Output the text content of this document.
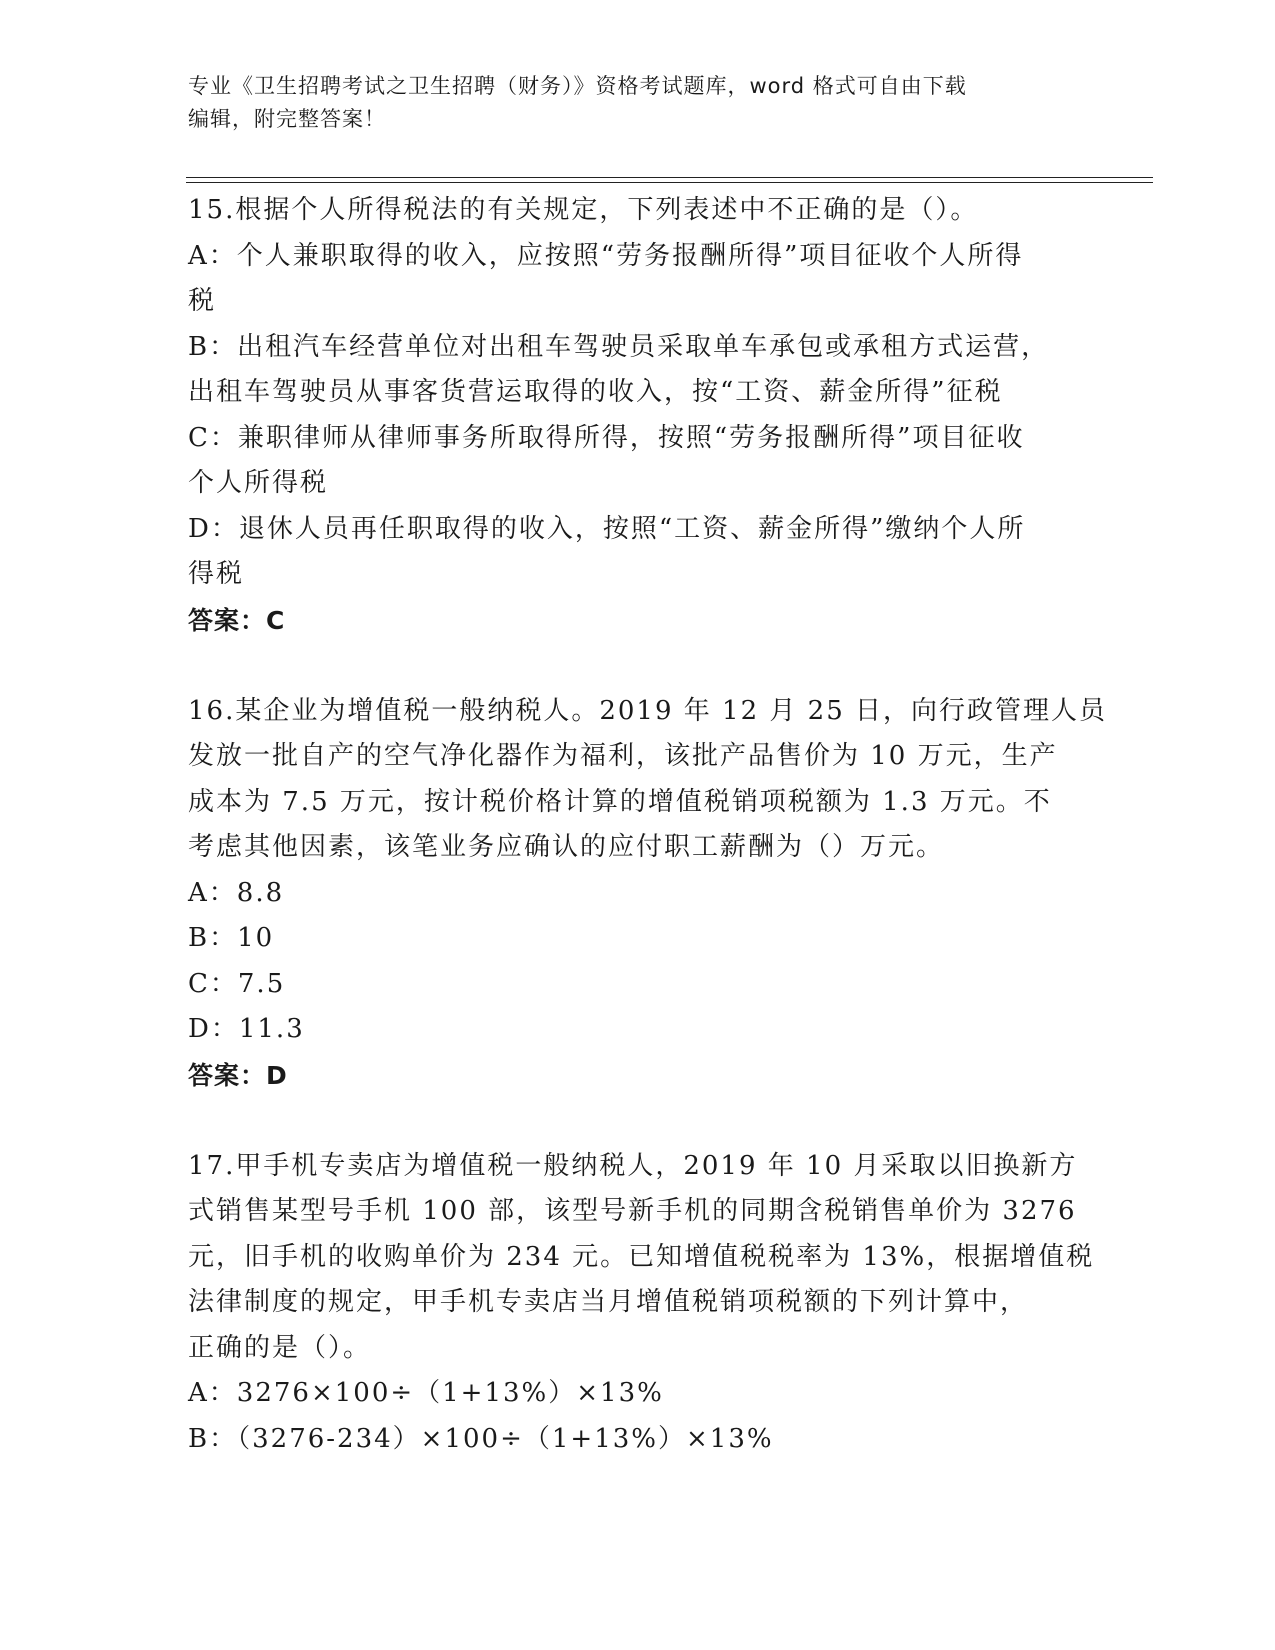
专业《卫生招聘考试之卫生招聘（财务）》资格考试题库，word 格式可自由下载
编辑，附完整答案！
15.根据个人所得税法的有关规定，下列表述中不正确的是（）。
A：个人兼职取得的收入，应按照“劳务报酬所得”项目征收个人所得
税
B：出租汽车经营单位对出租车驾驶员采取单车承包或承租方式运营，
出租车驾驶员从事客货营运取得的收入，按“工资、薪金所得”征税
C：兼职律师从律师事务所取得所得，按照“劳务报酬所得”项目征收
个人所得税
D：退休人员再任职取得的收入，按照“工资、薪金所得”缴纳个人所
得税
答案：C
16.某企业为增值税一般纳税人。2019 年 12 月 25 日，向行政管理人员
发放一批自产的空气净化器作为福利，该批产品售价为 10 万元，生产
成本为 7.5 万元，按计税价格计算的增值税销项税额为 1.3 万元。不
考虑其他因素，该笔业务应确认的应付职工薪酬为（）万元。
A：8.8
B：10
C：7.5
D：11.3
答案：D
17.甲手机专卖店为增值税一般纳税人，2019 年 10 月采取以旧换新方
式销售某型号手机 100 部，该型号新手机的同期含税销售单价为 3276
元，旧手机的收购单价为 234 元。已知增值税税率为 13%，根据增值税
法律制度的规定，甲手机专卖店当月增值税销项税额的下列计算中，
正确的是（）。
A：3276×100÷（1+13%）×13%
B：（3276-234）×100÷（1+13%）×13%
